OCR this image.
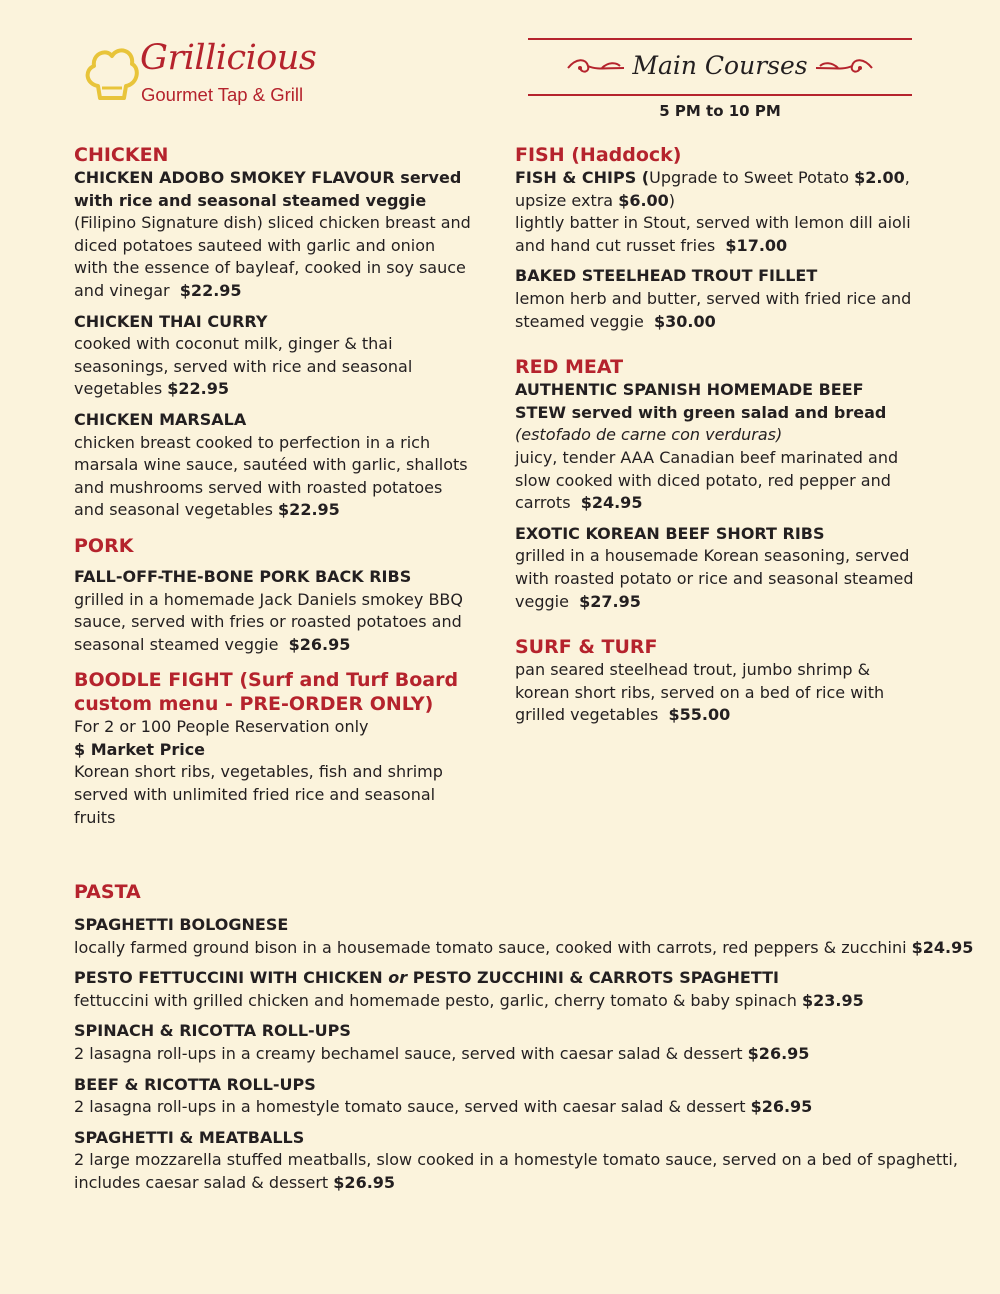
Grillicious
Gourmet Tap & Grill
Main Courses
5 PM to 10 PM
CHICKEN
CHICKEN ADOBO SMOKEY FLAVOUR served with rice and seasonal steamed veggie
(Filipino Signature dish) sliced chicken breast and diced potatoes sauteed with garlic and onion with the essence of bayleaf, cooked in soy sauce and vinegar $22.95
CHICKEN THAI CURRY
cooked with coconut milk, ginger & thai seasonings, served with rice and seasonal vegetables $22.95
CHICKEN MARSALA
chicken breast cooked to perfection in a rich marsala wine sauce, sautéed with garlic, shallots and mushrooms served with roasted potatoes and seasonal vegetables $22.95
PORK
FALL-OFF-THE-BONE PORK BACK RIBS
grilled in a homemade Jack Daniels smokey BBQ sauce, served with fries or roasted potatoes and seasonal steamed veggie $26.95
BOODLE FIGHT (Surf and Turf Board custom menu - PRE-ORDER ONLY)
For 2 or 100 People Reservation only
$ Market Price
Korean short ribs, vegetables, fish and shrimp served with unlimited fried rice and seasonal fruits
FISH (Haddock)
FISH & CHIPS (Upgrade to Sweet Potato $2.00, upsize extra $6.00)
lightly batter in Stout, served with lemon dill aioli and hand cut russet fries $17.00
BAKED STEELHEAD TROUT FILLET
lemon herb and butter, served with fried rice and steamed veggie $30.00
RED MEAT
AUTHENTIC SPANISH HOMEMADE BEEF STEW served with green salad and bread
(estofado de carne con verduras)
juicy, tender AAA Canadian beef marinated and slow cooked with diced potato, red pepper and carrots $24.95
EXOTIC KOREAN BEEF SHORT RIBS
grilled in a housemade Korean seasoning, served with roasted potato or rice and seasonal steamed veggie $27.95
SURF & TURF
pan seared steelhead trout, jumbo shrimp & korean short ribs, served on a bed of rice with grilled vegetables $55.00
PASTA
SPAGHETTI BOLOGNESE
locally farmed ground bison in a housemade tomato sauce, cooked with carrots, red peppers & zucchini $24.95
PESTO FETTUCCINI WITH CHICKEN or PESTO ZUCCHINI & CARROTS SPAGHETTI
fettuccini with grilled chicken and homemade pesto, garlic, cherry tomato & baby spinach $23.95
SPINACH & RICOTTA ROLL-UPS
2 lasagna roll-ups in a creamy bechamel sauce, served with caesar salad & dessert $26.95
BEEF & RICOTTA ROLL-UPS
2 lasagna roll-ups in a homestyle tomato sauce, served with caesar salad & dessert $26.95
SPAGHETTI & MEATBALLS
2 large mozzarella stuffed meatballs, slow cooked in a homestyle tomato sauce, served on a bed of spaghetti, includes caesar salad & dessert $26.95
